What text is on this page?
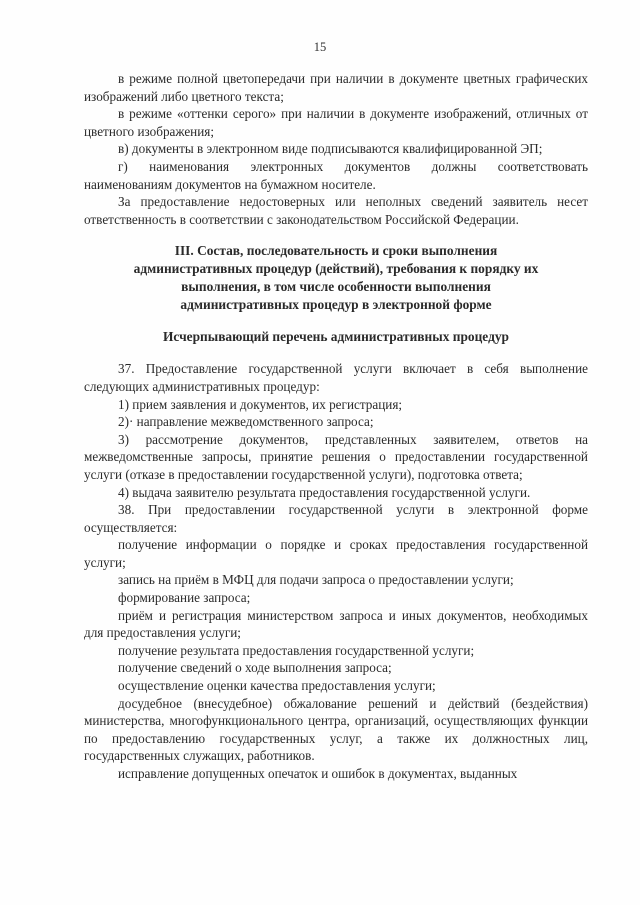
15

в режиме полной цветопередачи при наличии в документе цветных графических изображений либо цветного текста;

в режиме «оттенки серого» при наличии в документе изображений, отличных от цветного изображения;

в) документы в электронном виде подписываются квалифицированной ЭП;

г) наименования электронных документов должны соответствовать наименованиям документов на бумажном носителе.

За предоставление недостоверных или неполных сведений заявитель несет ответственность в соответствии с законодательством Российской Федерации.

III. Состав, последовательность и сроки выполнения

административных процедур (действий), требования к порядку их

выполнения, в том числе особенности выполнения

административных процедур в электронной форме

Исчерпывающий перечень административных процедур

37. Предоставление государственной услуги включает в себя выполнение следующих административных процедур:

1) прием заявления и документов, их регистрация;

2)· направление межведомственного запроса;

3) рассмотрение документов, представленных заявителем, ответов на межведомственные запросы, принятие решения о предоставлении государственной услуги (отказе в предоставлении государственной услуги), подготовка ответа;

4) выдача заявителю результата предоставления государственной услуги.

38. При предоставлении государственной услуги в электронной форме осуществляется:

получение информации о порядке и сроках предоставления государственной услуги;

запись на приём в МФЦ для подачи запроса о предоставлении услуги;

формирование запроса;

приём и регистрация министерством запроса и иных документов, необходимых для предоставления услуги;

получение результата предоставления государственной услуги;

получение сведений о ходе выполнения запроса;

осуществление оценки качества предоставления услуги;

досудебное (внесудебное) обжалование решений и действий (бездействия) министерства, многофункционального центра, организаций, осуществляющих функции по предоставлению государственных услуг, а также их должностных лиц, государственных служащих, работников.

исправление допущенных опечаток и ошибок в документах, выданных
